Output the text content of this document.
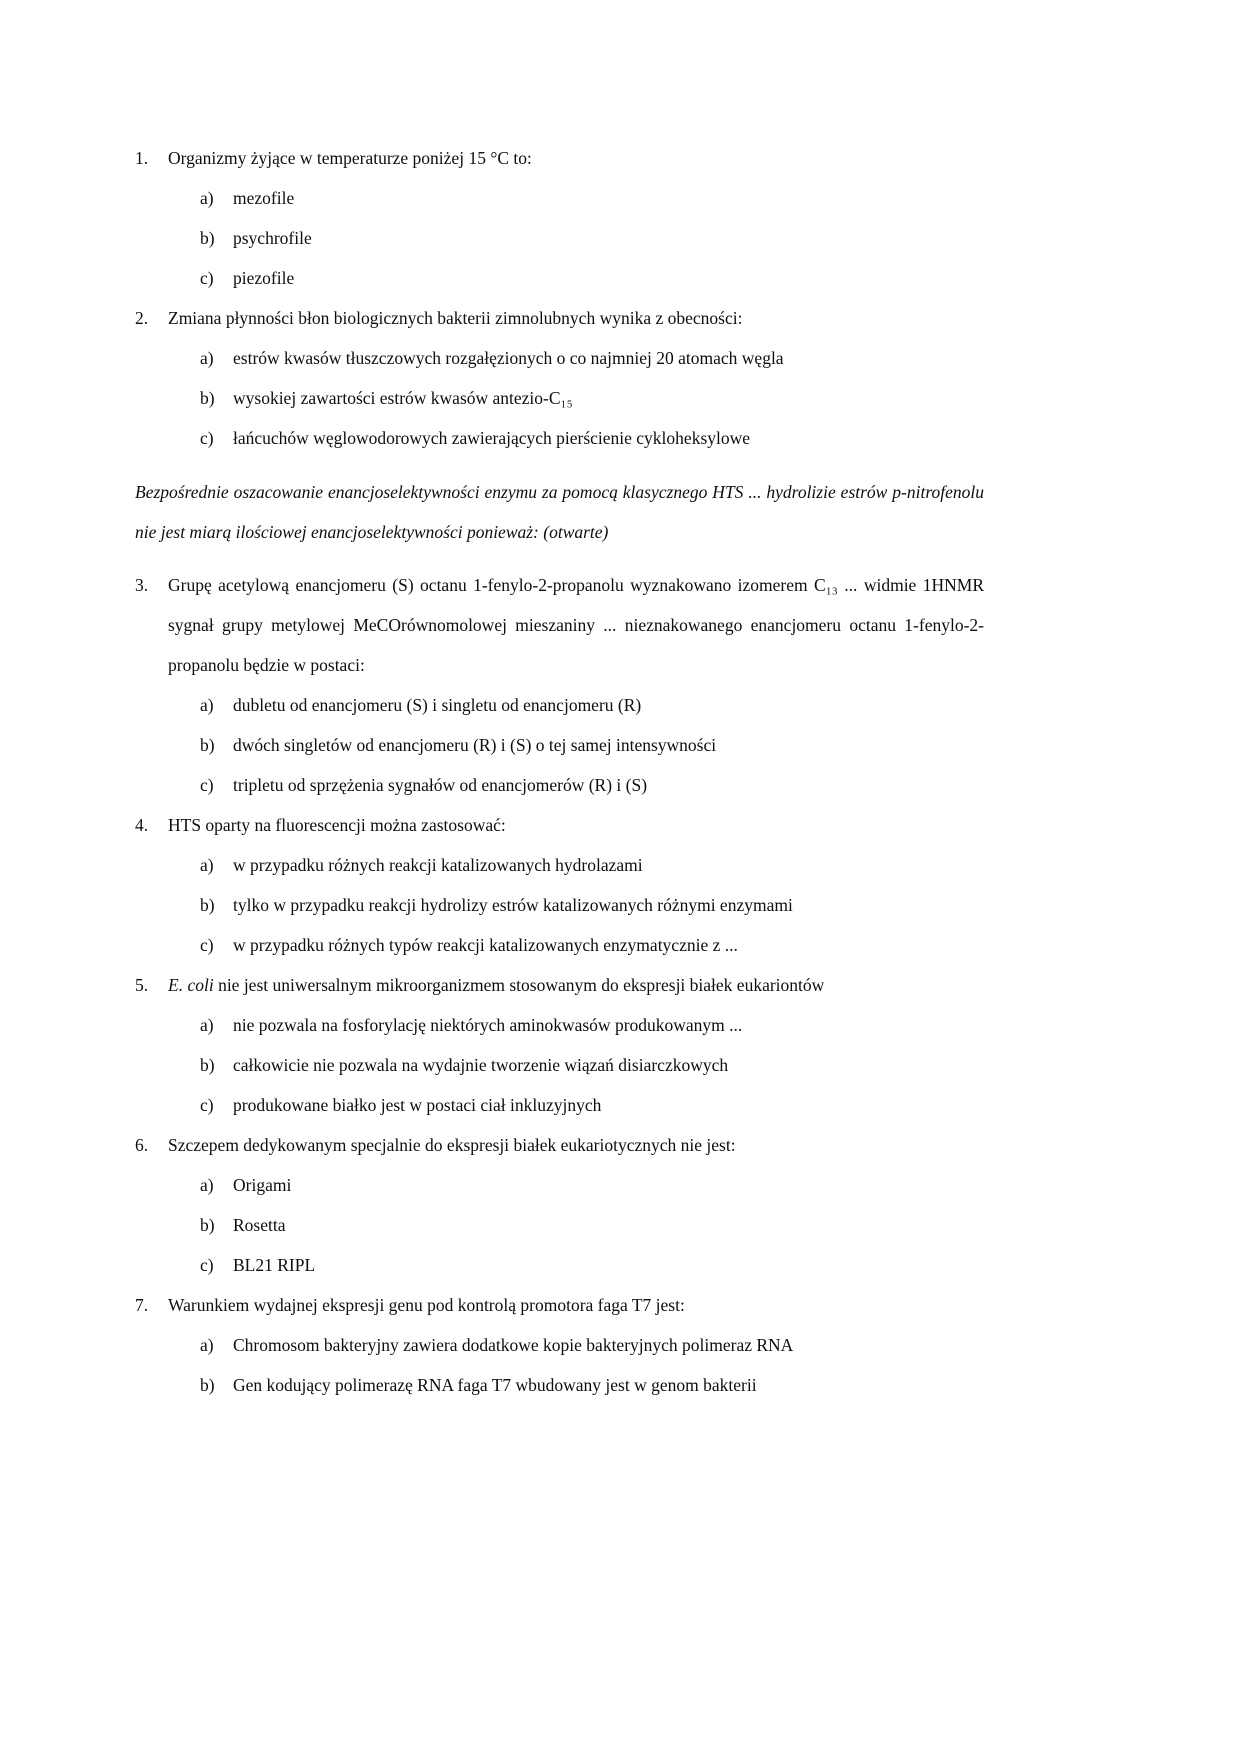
1.	Organizmy żyjące w temperaturze poniżej 15 °C to:
a)	mezofile
b)	psychrofile
c)	piezofile
2.	Zmiana płynności błon biologicznych bakterii zimnolubnych wynika z obecności:
a)	estrów kwasów tłuszczowych rozgałęzionych o co najmniej 20 atomach węgla
b)	wysokiej zawartości estrów kwasów antezio-C₁₅
c)	łańcuchów węglowodorowych zawierających pierścienie cykloheksylowe
Bezpośrednie oszacowanie enancjoselektywności enzymu za pomocą klasycznego HTS ... hydrolizie estrów p-nitrofenolu nie jest miarą ilościowej enancjoselektywności ponieważ: (otwarte)
3.	Grupę acetylową enancjomeru (S) octanu 1-fenylo-2-propanolu wyznakowano izomerem C₁₃ ... widmie 1HNMR sygnał grupy metylowej MeCOrównomolowej mieszaniny ... nieznakowanego enancjomeru octanu 1-fenylo-2-propanolu będzie w postaci:
a)	dubletu od enancjomeru (S) i singletu od enancjomeru (R)
b)	dwóch singletów od enancjomeru (R) i (S) o tej samej intensywności
c)	tripletu od sprzężenia sygnałów od enancjomerów (R) i (S)
4.	HTS oparty na fluorescencji można zastosować:
a)	w przypadku różnych reakcji katalizowanych hydrolazami
b)	tylko w przypadku reakcji hydrolizy estrów katalizowanych różnymi enzymami
c)	w przypadku różnych typów reakcji katalizowanych enzymatycznie z ...
5.	E. coli nie jest uniwersalnym mikroorganizmem stosowanym do ekspresji białek eukariontów
a)	nie pozwala na fosforylację niektórych aminokwasów produkowanym ...
b)	całkowicie nie pozwala na wydajnie tworzenie wiązań disiarczkowych
c)	produkowane białko jest w postaci ciał inkluzyjnych
6.	Szczepem dedykowanym specjalnie do ekspresji białek eukariotycznych nie jest:
a)	Origami
b)	Rosetta
c)	BL21 RIPL
7.	Warunkiem wydajnej ekspresji genu pod kontrolą promotora faga T7 jest:
a)	Chromosom bakteryjny zawiera dodatkowe kopie bakteryjnych polimeraz RNA
b)	Gen kodujący polimerazę RNA faga T7 wbudowany jest w genom bakterii
